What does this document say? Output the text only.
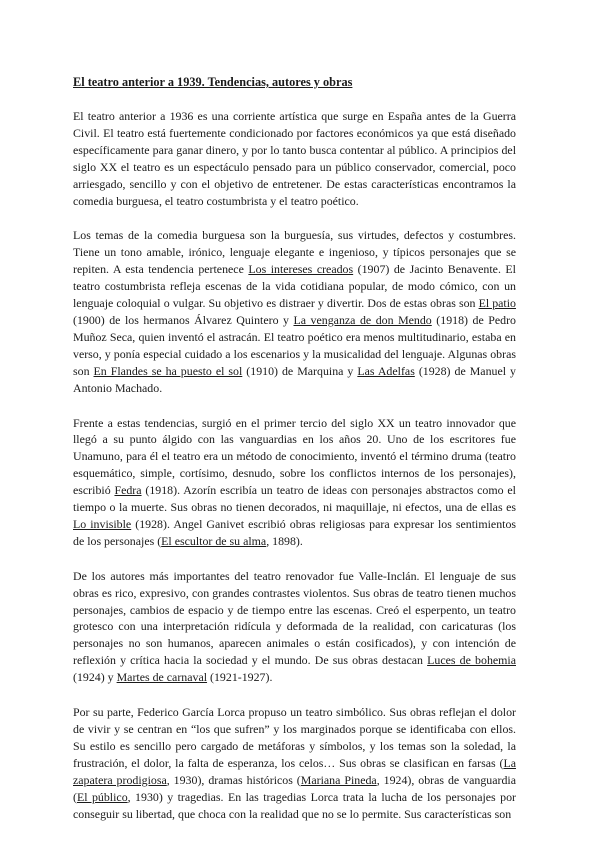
El teatro anterior a 1939. Tendencias, autores y obras

El teatro anterior a 1936 es una corriente artística que surge en España antes de la Guerra Civil. El teatro está fuertemente condicionado por factores económicos ya que está diseñado específicamente para ganar dinero, y por lo tanto busca contentar al público. A principios del siglo XX el teatro es un espectáculo pensado para un público conservador, comercial, poco arriesgado, sencillo y con el objetivo de entretener. De estas características encontramos la comedia burguesa, el teatro costumbrista y el teatro poético.

Los temas de la comedia burguesa son la burguesía, sus virtudes, defectos y costumbres. Tiene un tono amable, irónico, lenguaje elegante e ingenioso, y típicos personajes que se repiten. A esta tendencia pertenece Los intereses creados (1907) de Jacinto Benavente. El teatro costumbrista refleja escenas de la vida cotidiana popular, de modo cómico, con un lenguaje coloquial o vulgar. Su objetivo es distraer y divertir. Dos de estas obras son El patio (1900) de los hermanos Álvarez Quintero y La venganza de don Mendo (1918) de Pedro Muñoz Seca, quien inventó el astracán. El teatro poético era menos multitudinario, estaba en verso, y ponía especial cuidado a los escenarios y la musicalidad del lenguaje. Algunas obras son En Flandes se ha puesto el sol (1910) de Marquina y Las Adelfas (1928) de Manuel y Antonio Machado.

Frente a estas tendencias, surgió en el primer tercio del siglo XX un teatro innovador que llegó a su punto álgido con las vanguardias en los años 20. Uno de los escritores fue Unamuno, para él el teatro era un método de conocimiento, inventó el término druma (teatro esquemático, simple, cortísimo, desnudo, sobre los conflictos internos de los personajes), escribió Fedra (1918). Azorín escribía un teatro de ideas con personajes abstractos como el tiempo o la muerte. Sus obras no tienen decorados, ni maquillaje, ni efectos, una de ellas es Lo invisible (1928). Angel Ganivet escribió obras religiosas para expresar los sentimientos de los personajes (El escultor de su alma, 1898).

De los autores más importantes del teatro renovador fue Valle-Inclán. El lenguaje de sus obras es rico, expresivo, con grandes contrastes violentos. Sus obras de teatro tienen muchos personajes, cambios de espacio y de tiempo entre las escenas. Creó el esperpento, un teatro grotesco con una interpretación ridícula y deformada de la realidad, con caricaturas (los personajes no son humanos, aparecen animales o están cosificados), y con intención de reflexión y crítica hacia la sociedad y el mundo. De sus obras destacan Luces de bohemia (1924) y Martes de carnaval (1921-1927).

Por su parte, Federico García Lorca propuso un teatro simbólico. Sus obras reflejan el dolor de vivir y se centran en “los que sufren” y los marginados porque se identificaba con ellos. Su estilo es sencillo pero cargado de metáforas y símbolos, y los temas son la soledad, la frustración, el dolor, la falta de esperanza, los celos… Sus obras se clasifican en farsas (La zapatera prodigiosa, 1930), dramas históricos (Mariana Pineda, 1924), obras de vanguardia (El público, 1930) y tragedias. En las tragedias Lorca trata la lucha de los personajes por conseguir su libertad, que choca con la realidad que no se lo permite. Sus características son
